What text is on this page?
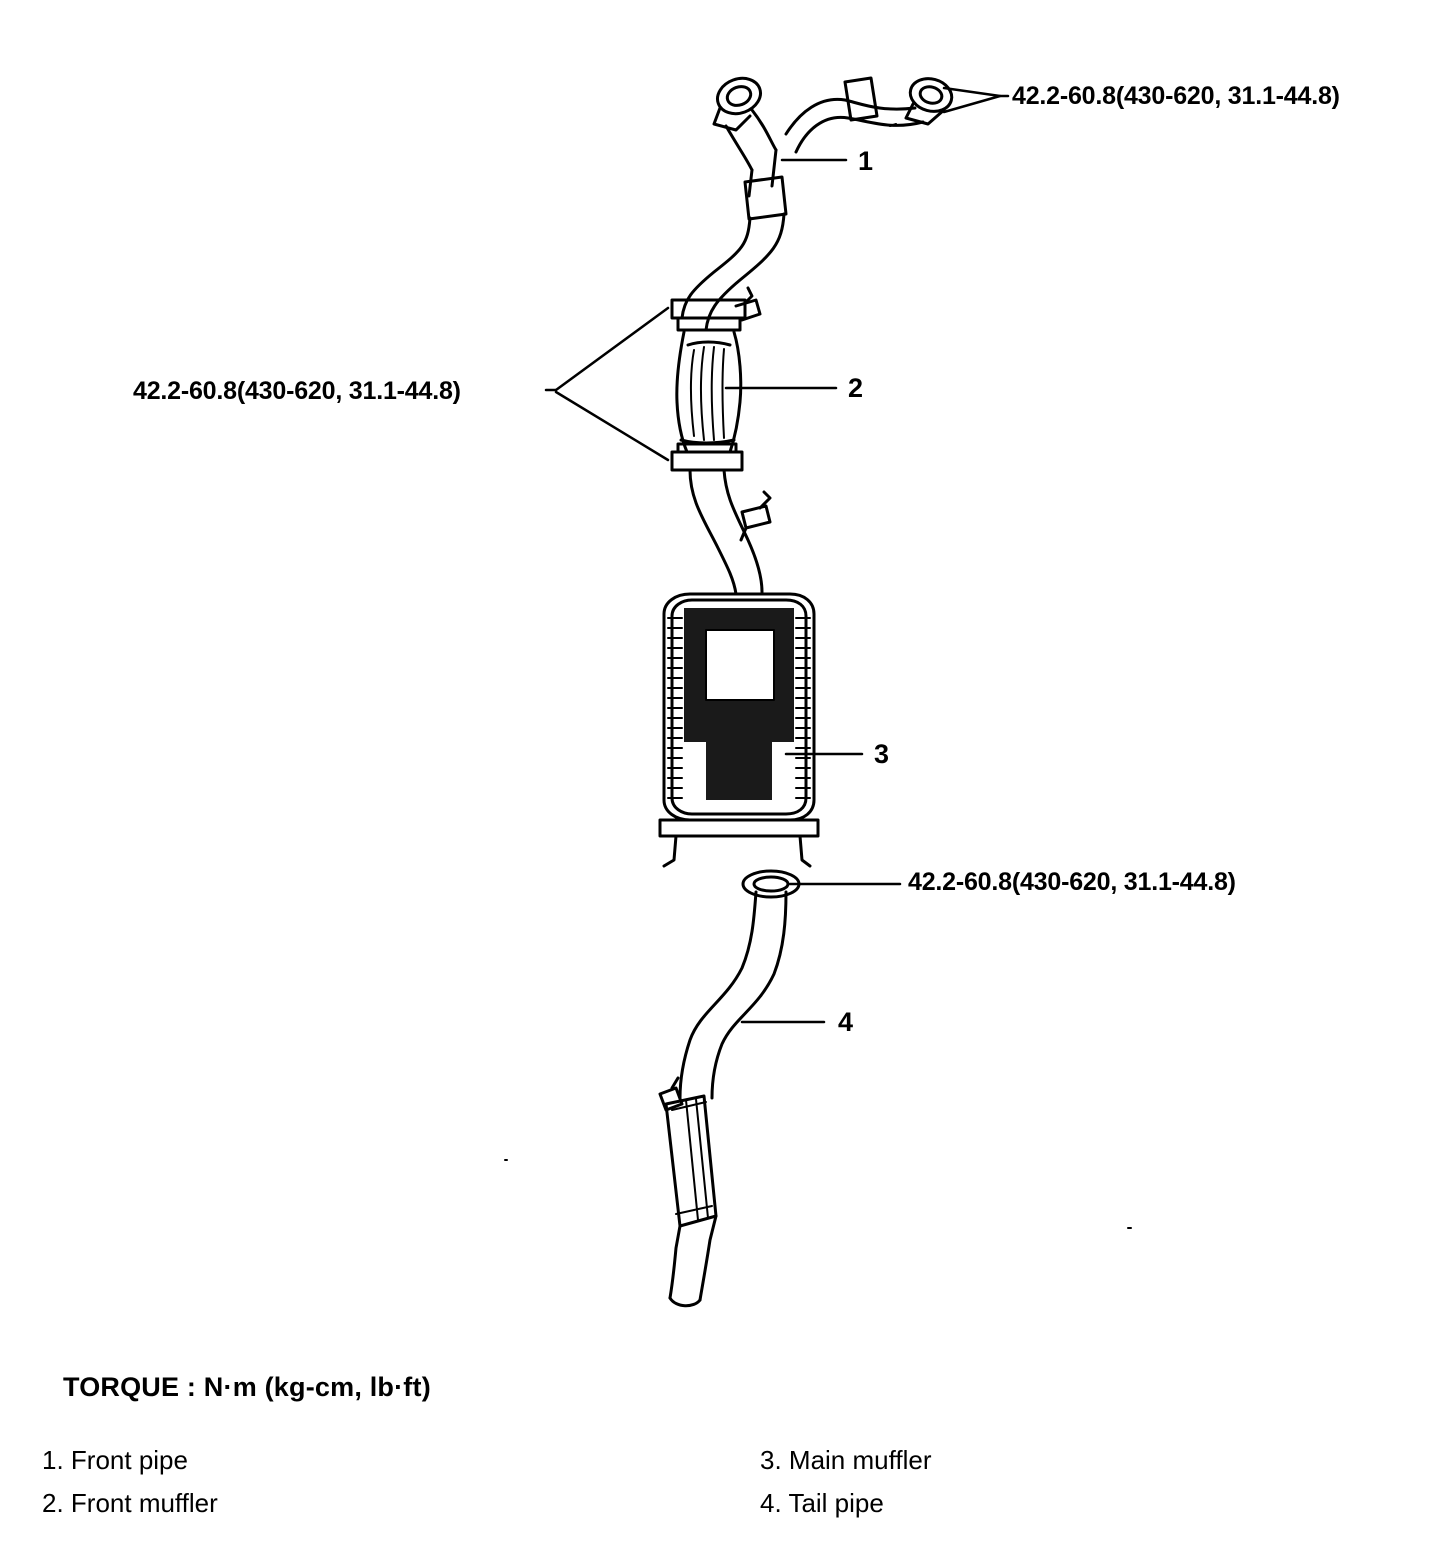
42.2-60.8(430-620, 31.1-44.8)
42.2-60.8(430-620, 31.1-44.8)
42.2-60.8(430-620, 31.1-44.8)
1
2
3
4
TORQUE : N·m (kg-cm, lb·ft)
1. Front pipe
2. Front muffler
3. Main muffler
4. Tail pipe
